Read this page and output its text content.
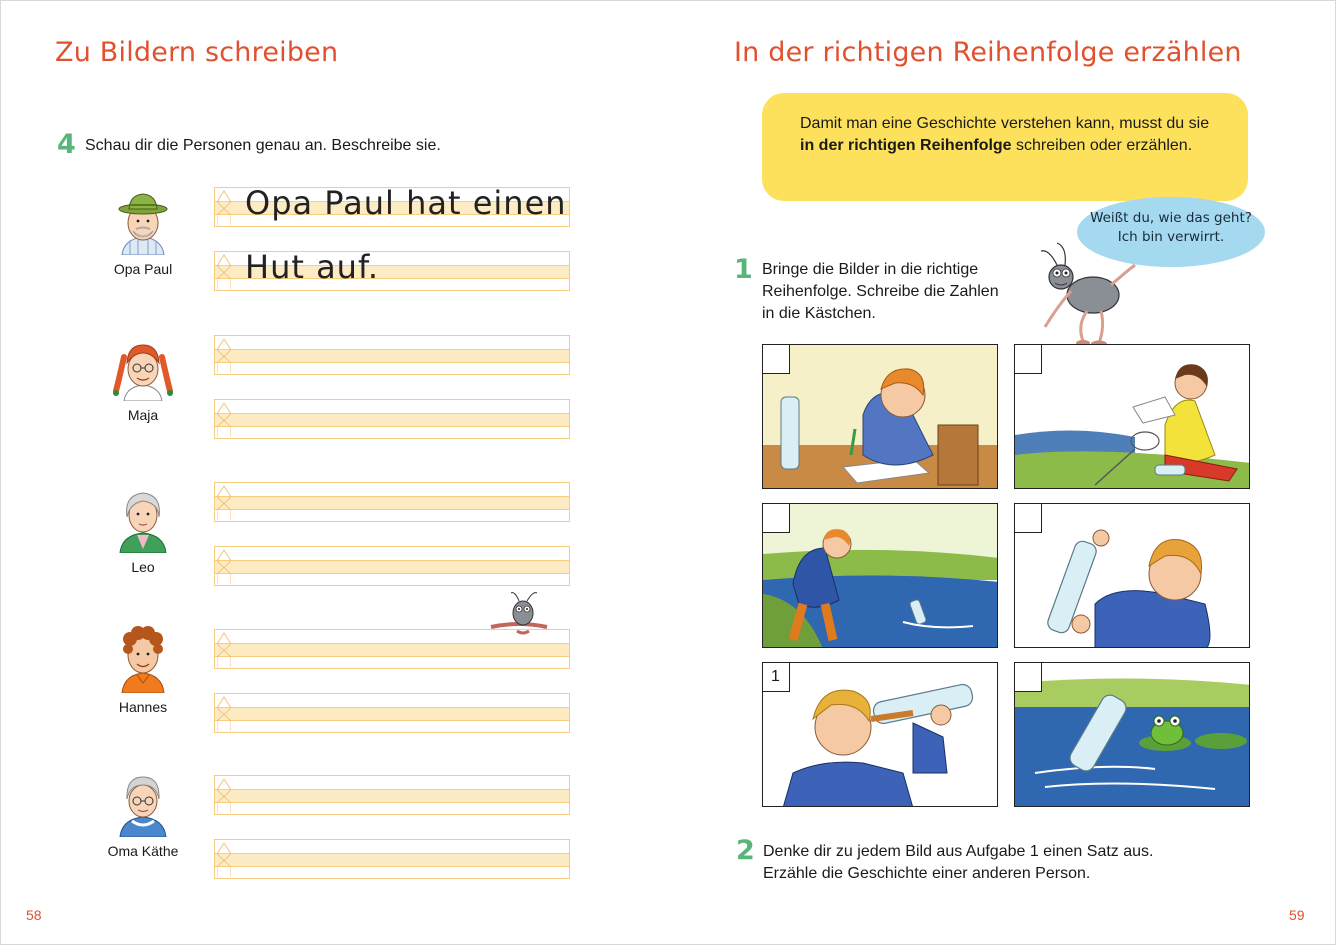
Zu Bildern schreiben
4 Schau dir die Personen genau an. Beschreibe sie.
Opa Paul
Opa Paul hat einen
Hut auf.
Maja
Leo
Hannes
Oma Käthe
58
In der richtigen Reihenfolge erzählen
Damit man eine Geschichte verstehen kann, musst du sie in der richtigen Reihenfolge schreiben oder erzählen.
Weißt du, wie das geht?
Ich bin verwirrt.
1 Bringe die Bilder in die richtige
Reihenfolge. Schreibe die Zahlen
in die Kästchen.
1
2 Denke dir zu jedem Bild aus Aufgabe 1 einen Satz aus.
Erzähle die Geschichte einer anderen Person.
59
